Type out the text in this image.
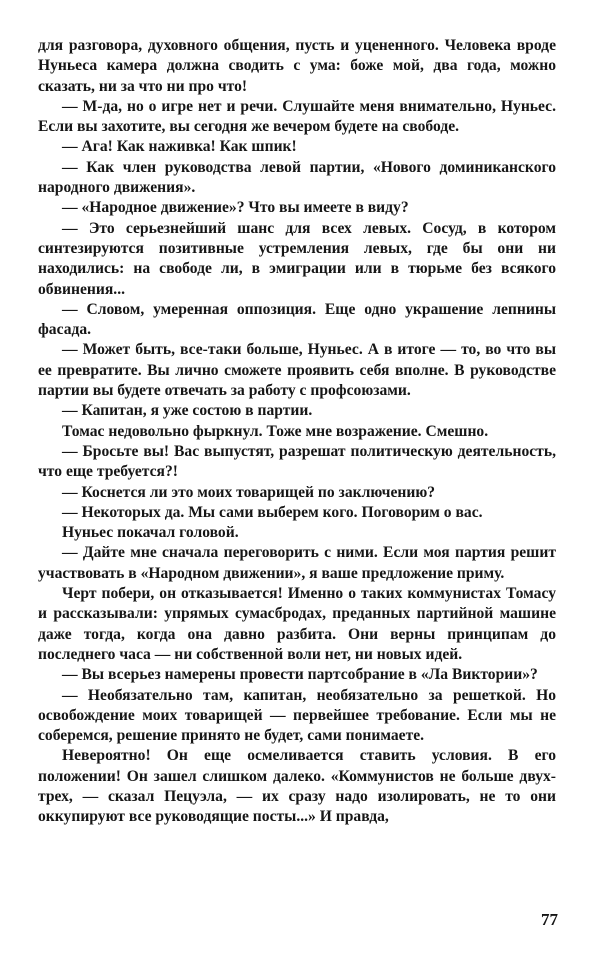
для разговора, духовного общения, пусть и уцененного. Человека вроде Нуньеса камера должна сводить с ума: боже мой, два года, можно сказать, ни за что ни про что!

— М-да, но о игре нет и речи. Слушайте меня внимательно, Нуньес. Если вы захотите, вы сегодня же вечером будете на свободе.

— Ага! Как наживка! Как шпик!

— Как член руководства левой партии, «Нового доминиканского народного движения».

— «Народное движение»? Что вы имеете в виду?

— Это серьезнейший шанс для всех левых. Сосуд, в котором синтезируются позитивные устремления левых, где бы они ни находились: на свободе ли, в эмиграции или в тюрьме без всякого обвинения...

— Словом, умеренная оппозиция. Еще одно украшение лепнины фасада.

— Может быть, все-таки больше, Нуньес. А в итоге — то, во что вы ее превратите. Вы лично сможете проявить себя вполне. В руководстве партии вы будете отвечать за работу с профсоюзами.

— Капитан, я уже состою в партии.

Томас недовольно фыркнул. Тоже мне возражение. Смешно.

— Бросьте вы! Вас выпустят, разрешат политическую деятельность, что еще требуется?!

— Коснется ли это моих товарищей по заключению?

— Некоторых да. Мы сами выберем кого. Поговорим о вас.

Нуньес покачал головой.

— Дайте мне сначала переговорить с ними. Если моя партия решит участвовать в «Народном движении», я ваше предложение приму.

Черт побери, он отказывается! Именно о таких коммунистах Томасу и рассказывали: упрямых сумасбродах, преданных партийной машине даже тогда, когда она давно разбита. Они верны принципам до последнего часа — ни собственной воли нет, ни новых идей.

— Вы всерьез намерены провести партсобрание в «Ла Виктории»?

— Необязательно там, капитан, необязательно за решеткой. Но освобождение моих товарищей — первейшее требование. Если мы не соберемся, решение принято не будет, сами понимаете.

Невероятно! Он еще осмеливается ставить условия. В его положении! Он зашел слишком далеко. «Коммунистов не больше двух-трех, — сказал Пецуэла, — их сразу надо изолировать, не то они оккупируют все руководящие посты...» И правда,

77
